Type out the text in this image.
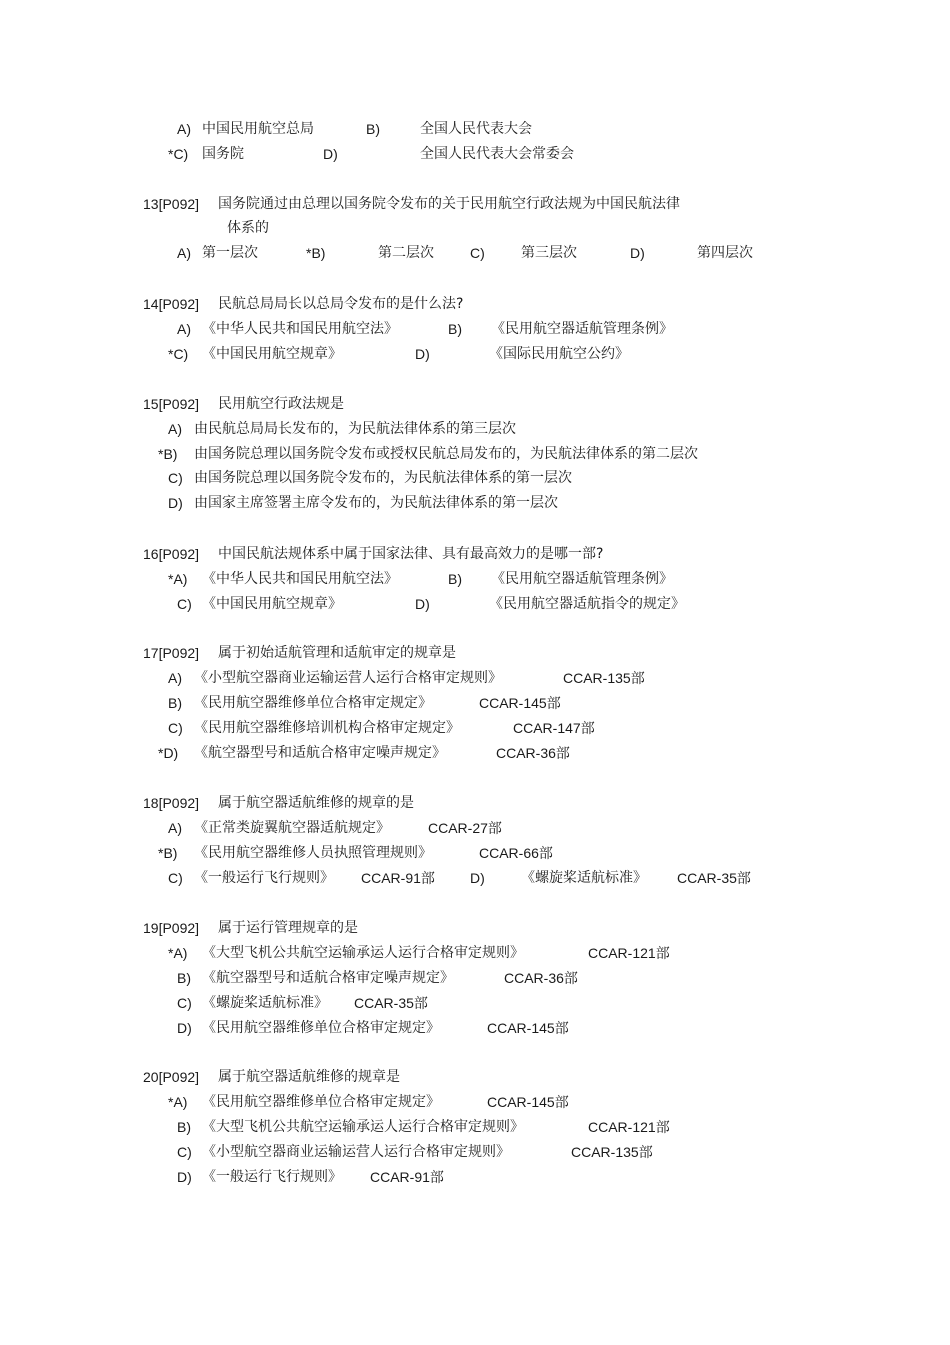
A) 中国民用航空总局	B)	全国人民代表大会
*C) 国务院	D)	全国人民代表大会常委会
13[P092] 国务院通过由总理以国务院令发布的关于民用航空行政法规为中国民航法律
体系的
A) 第一层次	*B)	第二层次	C)	第三层次	D)	第四层次
14[P092] 民航总局局长以总局令发布的是什么法?
A) 《中华人民共和国民用航空法》	B) 《民用航空器适航管理条例》
*C) 《中国民用航空规章》	D)	《国际民用航空公约》
15[P092] 民用航空行政法规是
A) 由民航总局局长发布的，为民航法律体系的第三层次
*B) 由国务院总理以国务院令发布或授权民航总局发布的，为民航法律体系的第二层次
C) 由国务院总理以国务院令发布的，为民航法律体系的第一层次
D) 由国家主席签署主席令发布的，为民航法律体系的第一层次
16[P092] 中国民航法规体系中属于国家法律、具有最高效力的是哪一部?
*A) 《中华人民共和国民用航空法》	B) 《民用航空器适航管理条例》
C) 《中国民用航空规章》	D)	《民用航空器适航指令的规定》
17[P092] 属于初始适航管理和适航审定的规章是
A) 《小型航空器商业运输运营人运行合格审定规则》	CCAR-135部
B) 《民用航空器维修单位合格审定规定》	CCAR-145部
C) 《民用航空器维修培训机构合格审定规定》	CCAR-147部
*D) 《航空器型号和适航合格审定噪声规定》	CCAR-36部
18[P092] 属于航空器适航维修的规章的是
A) 《正常类旋翼航空器适航规定》	CCAR-27部
*B) 《民用航空器维修人员执照管理规则》	CCAR-66部
C) 《一般运行飞行规则》 CCAR-91部	D)	《螺旋桨适航标准》 CCAR-35部
19[P092] 属于运行管理规章的是
*A) 《大型飞机公共航空运输承运人运行合格审定规则》	CCAR-121部
B) 《航空器型号和适航合格审定噪声规定》	CCAR-36部
C) 《螺旋桨适航标准》 CCAR-35部
D) 《民用航空器维修单位合格审定规定》	CCAR-145部
20[P092] 属于航空器适航维修的规章是
*A) 《民用航空器维修单位合格审定规定》	CCAR-145部
B) 《大型飞机公共航空运输承运人运行合格审定规则》	CCAR-121部
C) 《小型航空器商业运输运营人运行合格审定规则》	CCAR-135部
D) 《一般运行飞行规则》 CCAR-91部
